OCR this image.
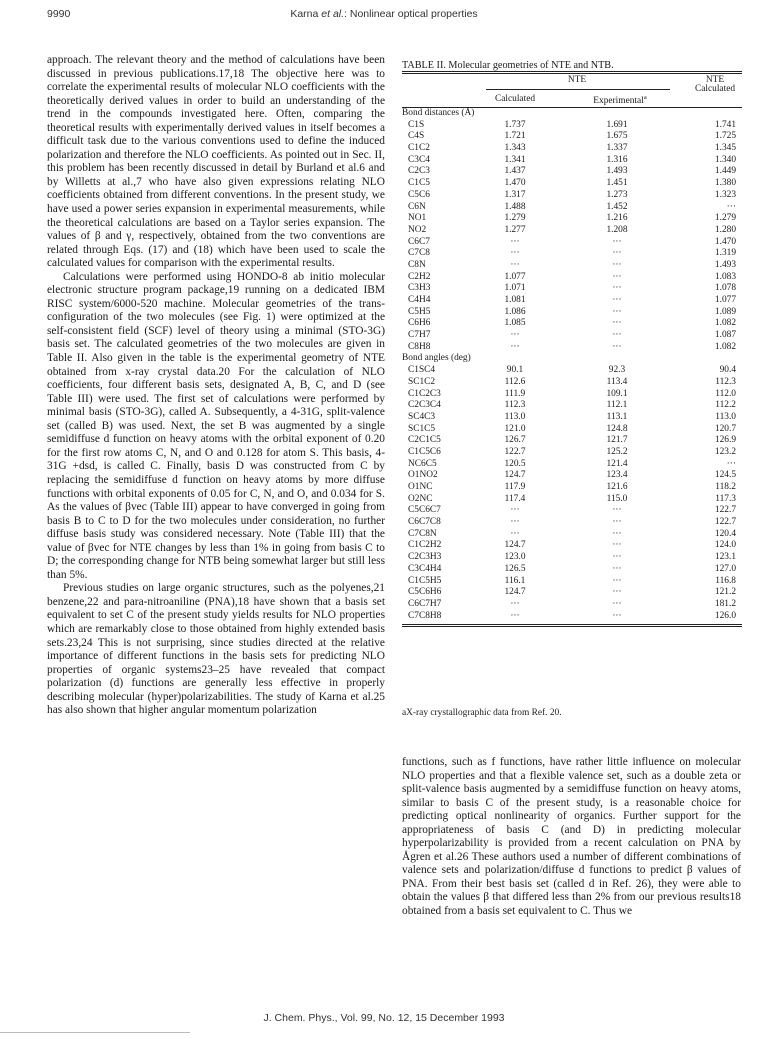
9990	Karna et al.: Nonlinear optical properties

approach. The relevant theory and the method of calculations have been discussed in previous publications.17,18 The objective here was to correlate the experimental results of molecular NLO coefficients with the theoretically derived values in order to build an understanding of the trend in the compounds investigated here. Often, comparing the theoretical results with experimentally derived values in itself becomes a difficult task due to the various conventions used to define the induced polarization and therefore the NLO coefficients. As pointed out in Sec. II, this problem has been recently discussed in detail by Burland et al.6 and by Willetts at al.,7 who have also given expressions relating NLO coefficients obtained from different conventions. In the present study, we have used a power series expansion in experimental measurements, while the theoretical calculations are based on a Taylor series expansion. The values of β and γ, respectively, obtained from the two conventions are related through Eqs. (17) and (18) which have been used to scale the calculated values for comparison with the experimental results.

Calculations were performed using HONDO-8 ab initio molecular electronic structure program package,19 running on a dedicated IBM RISC system/6000-520 machine. Molecular geometries of the trans-configuration of the two molecules (see Fig. 1) were optimized at the self-consistent field (SCF) level of theory using a minimal (STO-3G) basis set. The calculated geometries of the two molecules are given in Table II. Also given in the table is the experimental geometry of NTE obtained from x-ray crystal data.20 For the calculation of NLO coefficients, four different basis sets, designated A, B, C, and D (see Table III) were used. The first set of calculations were performed by minimal basis (STO-3G), called A. Subsequently, a 4-31G, split-valence set (called B) was used. Next, the set B was augmented by a single semidiffuse d function on heavy atoms with the orbital exponent of 0.20 for the first row atoms C, N, and O and 0.128 for atom S. This basis, 4-31G +dsd, is called C. Finally, basis D was constructed from C by replacing the semidiffuse d function on heavy atoms by more diffuse functions with orbital exponents of 0.05 for C, N, and O, and 0.034 for S. As the values of βvec (Table III) appear to have converged in going from basis B to C to D for the two molecules under consideration, no further diffuse basis study was considered necessary. Note (Table III) that the value of βvec for NTE changes by less than 1% in going from basis C to D; the corresponding change for NTB being somewhat larger but still less than 5%.

Previous studies on large organic structures, such as the polyenes,21 benzene,22 and para-nitroaniline (PNA),18 have shown that a basis set equivalent to set C of the present study yields results for NLO properties which are remarkably close to those obtained from highly extended basis sets.23,24 This is not surprising, since studies directed at the relative importance of different functions in the basis sets for predicting NLO properties of organic systems23–25 have revealed that compact polarization (d) functions are generally less effective in properly describing molecular (hyper)polarizabilities. The study of Karna et al.25 has also shown that higher angular momentum polarization

TABLE II. Molecular geometries of NTE and NTB.
NTE	NTE
Calculated	Experimental$^a$
Calculated
Bond distances (Å)
C1S	1.737	1.691	1.741
C4S	1.721	1.675	1.725
C1C2	1.343	1.337	1.345
C3C4	1.341	1.316	1.340
C2C3	1.437	1.493	1.449
C1C5	1.470	1.451	1.380
C5C6	1.317	1.273	1.323
C6N	1.488	1.452	···
NO1	1.279	1.216	1.279
NO2	1.277	1.208	1.280
C6C7	···	···	1.470
C7C8	···	···	1.319
C8N	···	···	1.493
C2H2	1.077	···	1.083
C3H3	1.071	···	1.078
C4H4	1.081	···	1.077
C5H5	1.086	···	1.089
C6H6	1.085	···	1.082
C7H7	···	···	1.087
C8H8	···	···	1.082
Bond angles (deg)
C1SC4	90.1	92.3	90.4
SC1C2	112.6	113.4	112.3
C1C2C3	111.9	109.1	112.0
C2C3C4	112.3	112.1	112.2
SC4C3	113.0	113.1	113.0
SC1C5	121.0	124.8	120.7
C2C1C5	126.7	121.7	126.9
C1C5C6	122.7	125.2	123.2
NC6C5	120.5	121.4	···
O1NO2	124.7	123.4	124.5
O1NC	117.9	121.6	118.2
O2NC	117.4	115.0	117.3
C5C6C7	···	···	122.7
C6C7C8	···	···	122.7
C7C8N	···	···	120.4
C1C2H2	124.7	···	124.0
C2C3H3	123.0	···	123.1
C3C4H4	126.5	···	127.0
C1C5H5	116.1	···	116.8
C5C6H6	124.7	···	121.2
C6C7H7	···	···	181.2
C7C8H8	···	···	126.0
aX-ray crystallographic data from Ref. 20.

functions, such as f functions, have rather little influence on molecular NLO properties and that a flexible valence set, such as a double zeta or split-valence basis augmented by a semidiffuse function on heavy atoms, similar to basis C of the present study, is a reasonable choice for predicting optical nonlinearity of organics. Further support for the appropriateness of basis C (and D) in predicting molecular hyperpolarizability is provided from a recent calculation on PNA by Ågren et al.26 These authors used a number of different combinations of valence sets and polarization/diffuse d functions to predict β values of PNA. From their best basis set (called d in Ref. 26), they were able to obtain the values β that differed less than 2% from our previous results18 obtained from a basis set equivalent to C. Thus we

J. Chem. Phys., Vol. 99, No. 12, 15 December 1993
